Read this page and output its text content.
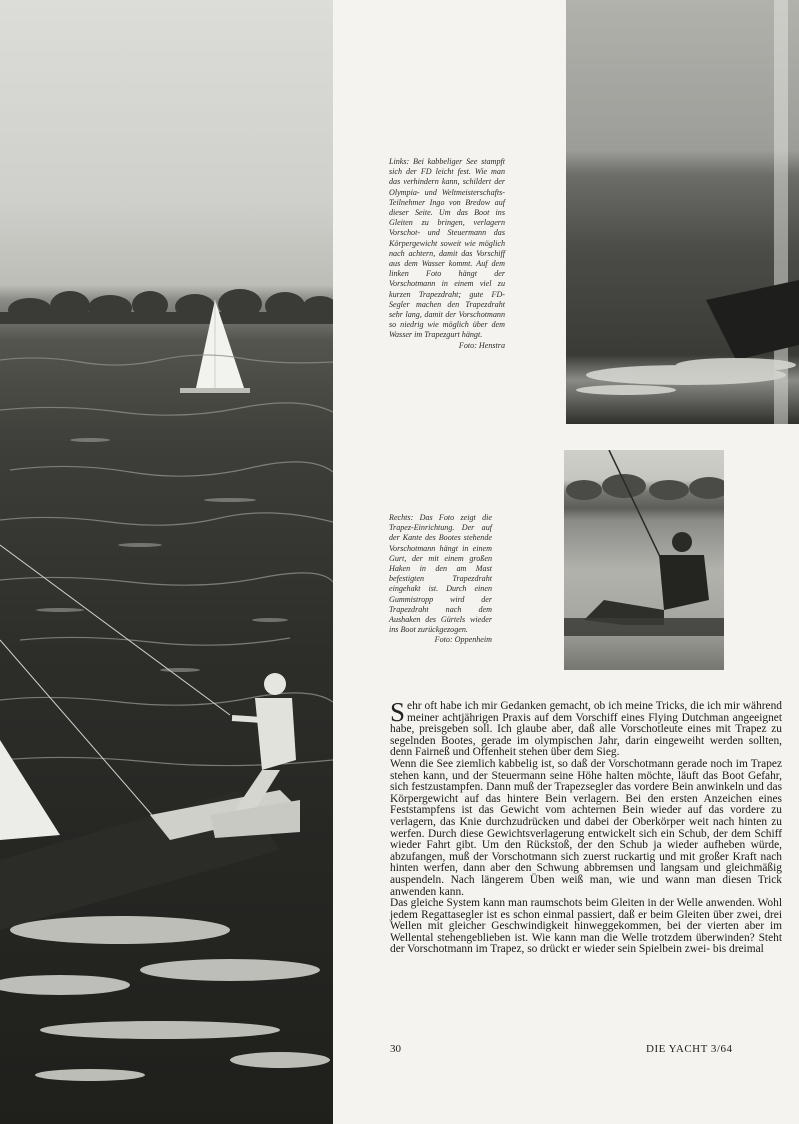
Links: Bei kabbeliger See stampft sich der FD leicht fest. Wie man das verhindern kann, schildert der Olympia- und Weltmeisterschafts-Teilnehmer Ingo von Bredow auf dieser Seite. Um das Boot ins Gleiten zu bringen, verlagern Vorschot- und Steuermann das Körpergewicht soweit wie möglich nach achtern, damit das Vorschiff aus dem Wasser kommt. Auf dem linken Foto hängt der Vorschotmann in einem viel zu kurzen Trapezdraht; gute FD-Segler machen den Trapezdraht sehr lang, damit der Vorschotmann so niedrig wie möglich über dem Wasser im Trapezgurt hängt.
Foto: Henstra

Rechts: Das Foto zeigt die Trapez-Einrichtung. Der auf der Kante des Bootes stehende Vorschotmann hängt in einem Gurt, der mit einem großen Haken in den am Mast befestigten Trapezdraht eingehakt ist. Durch einen Gummistropp wird der Trapezdraht nach dem Aushaken des Gürtels wieder ins Boot zurückgezogen.
Foto: Oppenheim

Sehr oft habe ich mir Gedanken gemacht, ob ich meine Tricks, die ich mir während meiner achtjährigen Praxis auf dem Vorschiff eines Flying Dutchman angeeignet habe, preisgeben soll. Ich glaube aber, daß alle Vorschotleute eines mit Trapez zu segelnden Bootes, gerade im olympischen Jahr, darin eingeweiht werden sollten, denn Fairneß und Offenheit stehen über dem Sieg.

Wenn die See ziemlich kabbelig ist, so daß der Vorschotmann gerade noch im Trapez stehen kann, und der Steuermann seine Höhe halten möchte, läuft das Boot Gefahr, sich festzustampfen. Dann muß der Trapezsegler das vordere Bein anwinkeln und das Körpergewicht auf das hintere Bein verlagern. Bei den ersten Anzeichen eines Feststampfens ist das Gewicht vom achternen Bein wieder auf das vordere zu verlagern, das Knie durchzudrücken und dabei der Oberkörper weit nach hinten zu werfen. Durch diese Gewichtsverlagerung entwickelt sich ein Schub, der dem Schiff wieder Fahrt gibt. Um den Rückstoß, der den Schub ja wieder aufheben würde, abzufangen, muß der Vorschotmann sich zuerst ruckartig und mit großer Kraft nach hinten werfen, dann aber den Schwung abbremsen und langsam und gleichmäßig auspendeln. Nach längerem Üben weiß man, wie und wann man diesen Trick anwenden kann.

Das gleiche System kann man raumschots beim Gleiten in der Welle anwenden. Wohl jedem Regattasegler ist es schon einmal passiert, daß er beim Gleiten über zwei, drei Wellen mit gleicher Geschwindigkeit hinweggekommen, bei der vierten aber im Wellental stehengeblieben ist. Wie kann man die Welle trotzdem überwinden? Steht der Vorschotmann im Trapez, so drückt er wieder sein Spielbein zwei- bis dreimal

30	DIE YACHT 3/64
